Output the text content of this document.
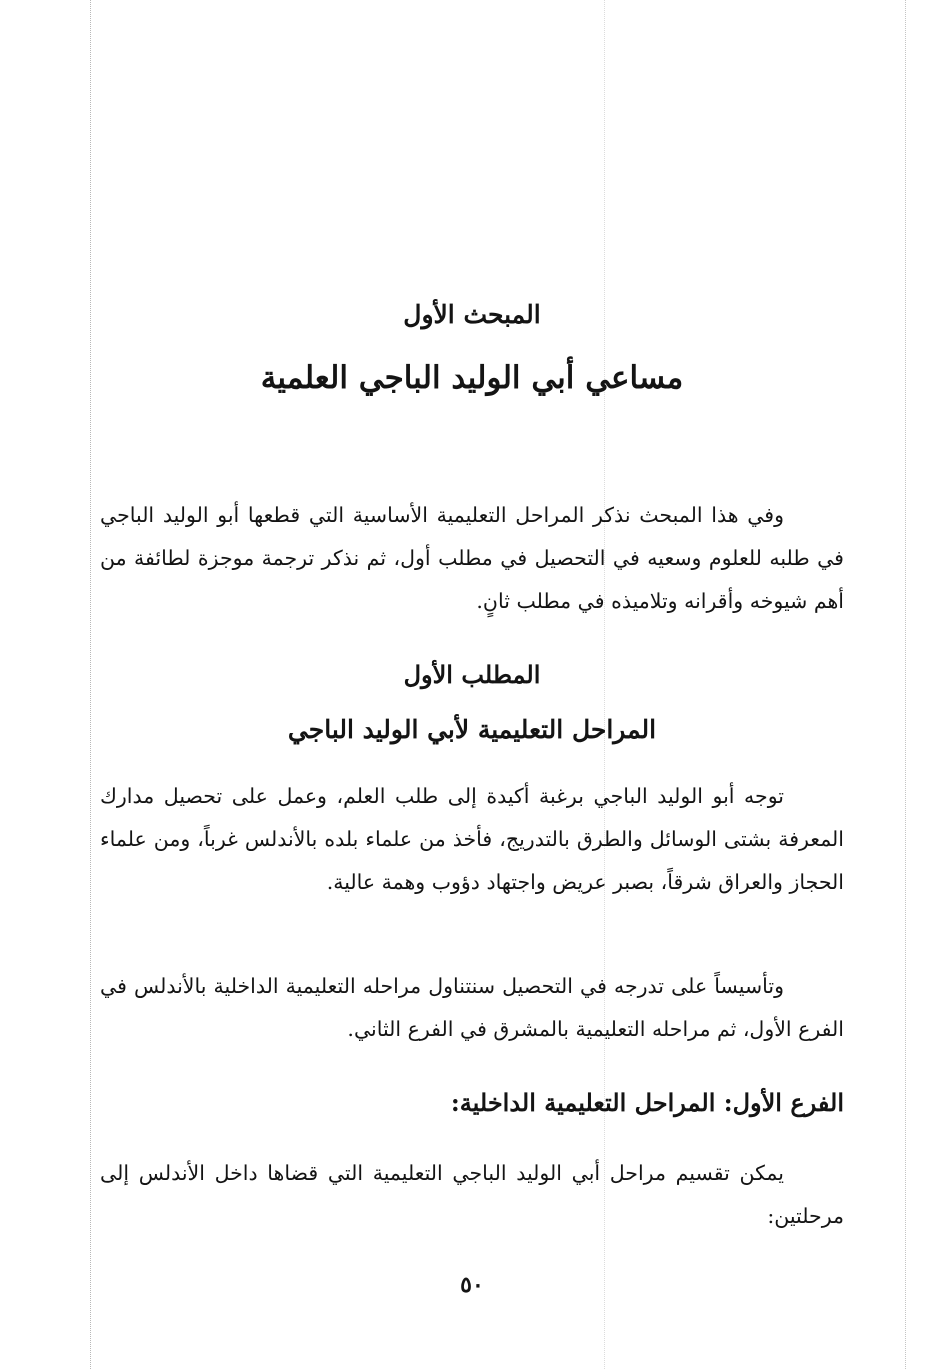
المبحث الأول
مساعي أبي الوليد الباجي العلمية

وفي هذا المبحث نذكر المراحل التعليمية الأساسية التي قطعها أبو الوليد الباجي في طلبه للعلوم وسعيه في التحصيل في مطلب أول، ثم نذكر ترجمة موجزة لطائفة من أهم شيوخه وأقرانه وتلاميذه في مطلب ثانٍ.

المطلب الأول
المراحل التعليمية لأبي الوليد الباجي

توجه أبو الوليد الباجي برغبة أكيدة إلى طلب العلم، وعمل على تحصيل مدارك المعرفة بشتى الوسائل والطرق بالتدريج، فأخذ من علماء بلده بالأندلس غرباً، ومن علماء الحجاز والعراق شرقاً، بصبر عريض واجتهاد دؤوب وهمة عالية.

وتأسيساً على تدرجه في التحصيل سنتناول مراحله التعليمية الداخلية بالأندلس في الفرع الأول، ثم مراحله التعليمية بالمشرق في الفرع الثاني.

الفرع الأول: المراحل التعليمية الداخلية:

يمكن تقسيم مراحل أبي الوليد الباجي التعليمية التي قضاها داخل الأندلس إلى مرحلتين:

٥٠
